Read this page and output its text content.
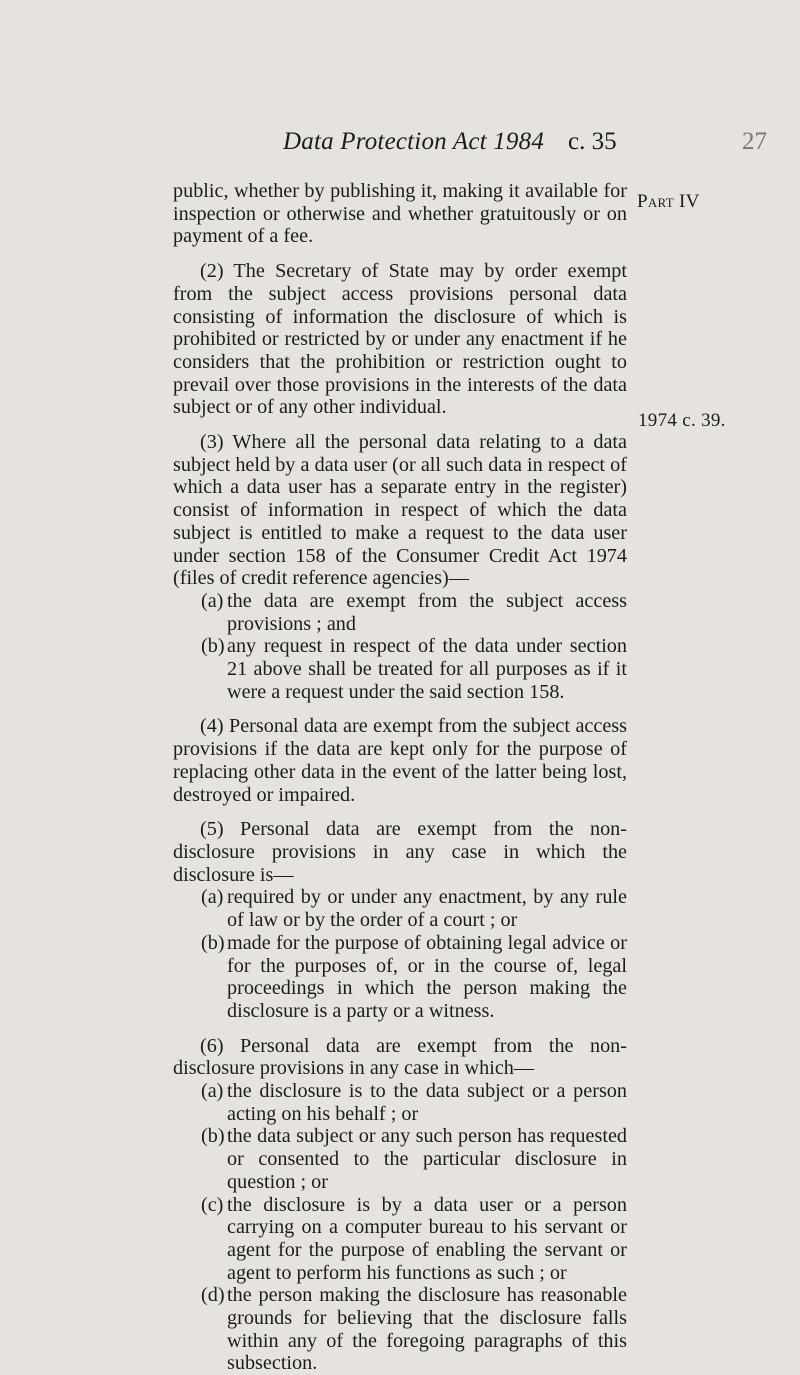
Data Protection Act 1984 c. 35	27
Part IV
1974 c. 39.

public, whether by publishing it, making it available for inspection or otherwise and whether gratuitously or on payment of a fee.

(2) The Secretary of State may by order exempt from the subject access provisions personal data consisting of information the disclosure of which is prohibited or restricted by or under any enactment if he considers that the prohibition or restriction ought to prevail over those provisions in the interests of the data subject or of any other individual.

(3) Where all the personal data relating to a data subject held by a data user (or all such data in respect of which a data user has a separate entry in the register) consist of information in respect of which the data subject is entitled to make a request to the data user under section 158 of the Consumer Credit Act 1974 (files of credit reference agencies)—

(a) the data are exempt from the subject access provisions ; and
(b) any request in respect of the data under section 21 above shall be treated for all purposes as if it were a request under the said section 158.

(4) Personal data are exempt from the subject access provisions if the data are kept only for the purpose of replacing other data in the event of the latter being lost, destroyed or impaired.

(5) Personal data are exempt from the non-disclosure provisions in any case in which the disclosure is—

(a) required by or under any enactment, by any rule of law or by the order of a court ; or
(b) made for the purpose of obtaining legal advice or for the purposes of, or in the course of, legal proceedings in which the person making the disclosure is a party or a witness.

(6) Personal data are exempt from the non-disclosure provisions in any case in which—

(a) the disclosure is to the data subject or a person acting on his behalf ; or
(b) the data subject or any such person has requested or consented to the particular disclosure in question ; or
(c) the disclosure is by a data user or a person carrying on a computer bureau to his servant or agent for the purpose of enabling the servant or agent to perform his functions as such ; or
(d) the person making the disclosure has reasonable grounds for believing that the disclosure falls within any of the foregoing paragraphs of this subsection.
